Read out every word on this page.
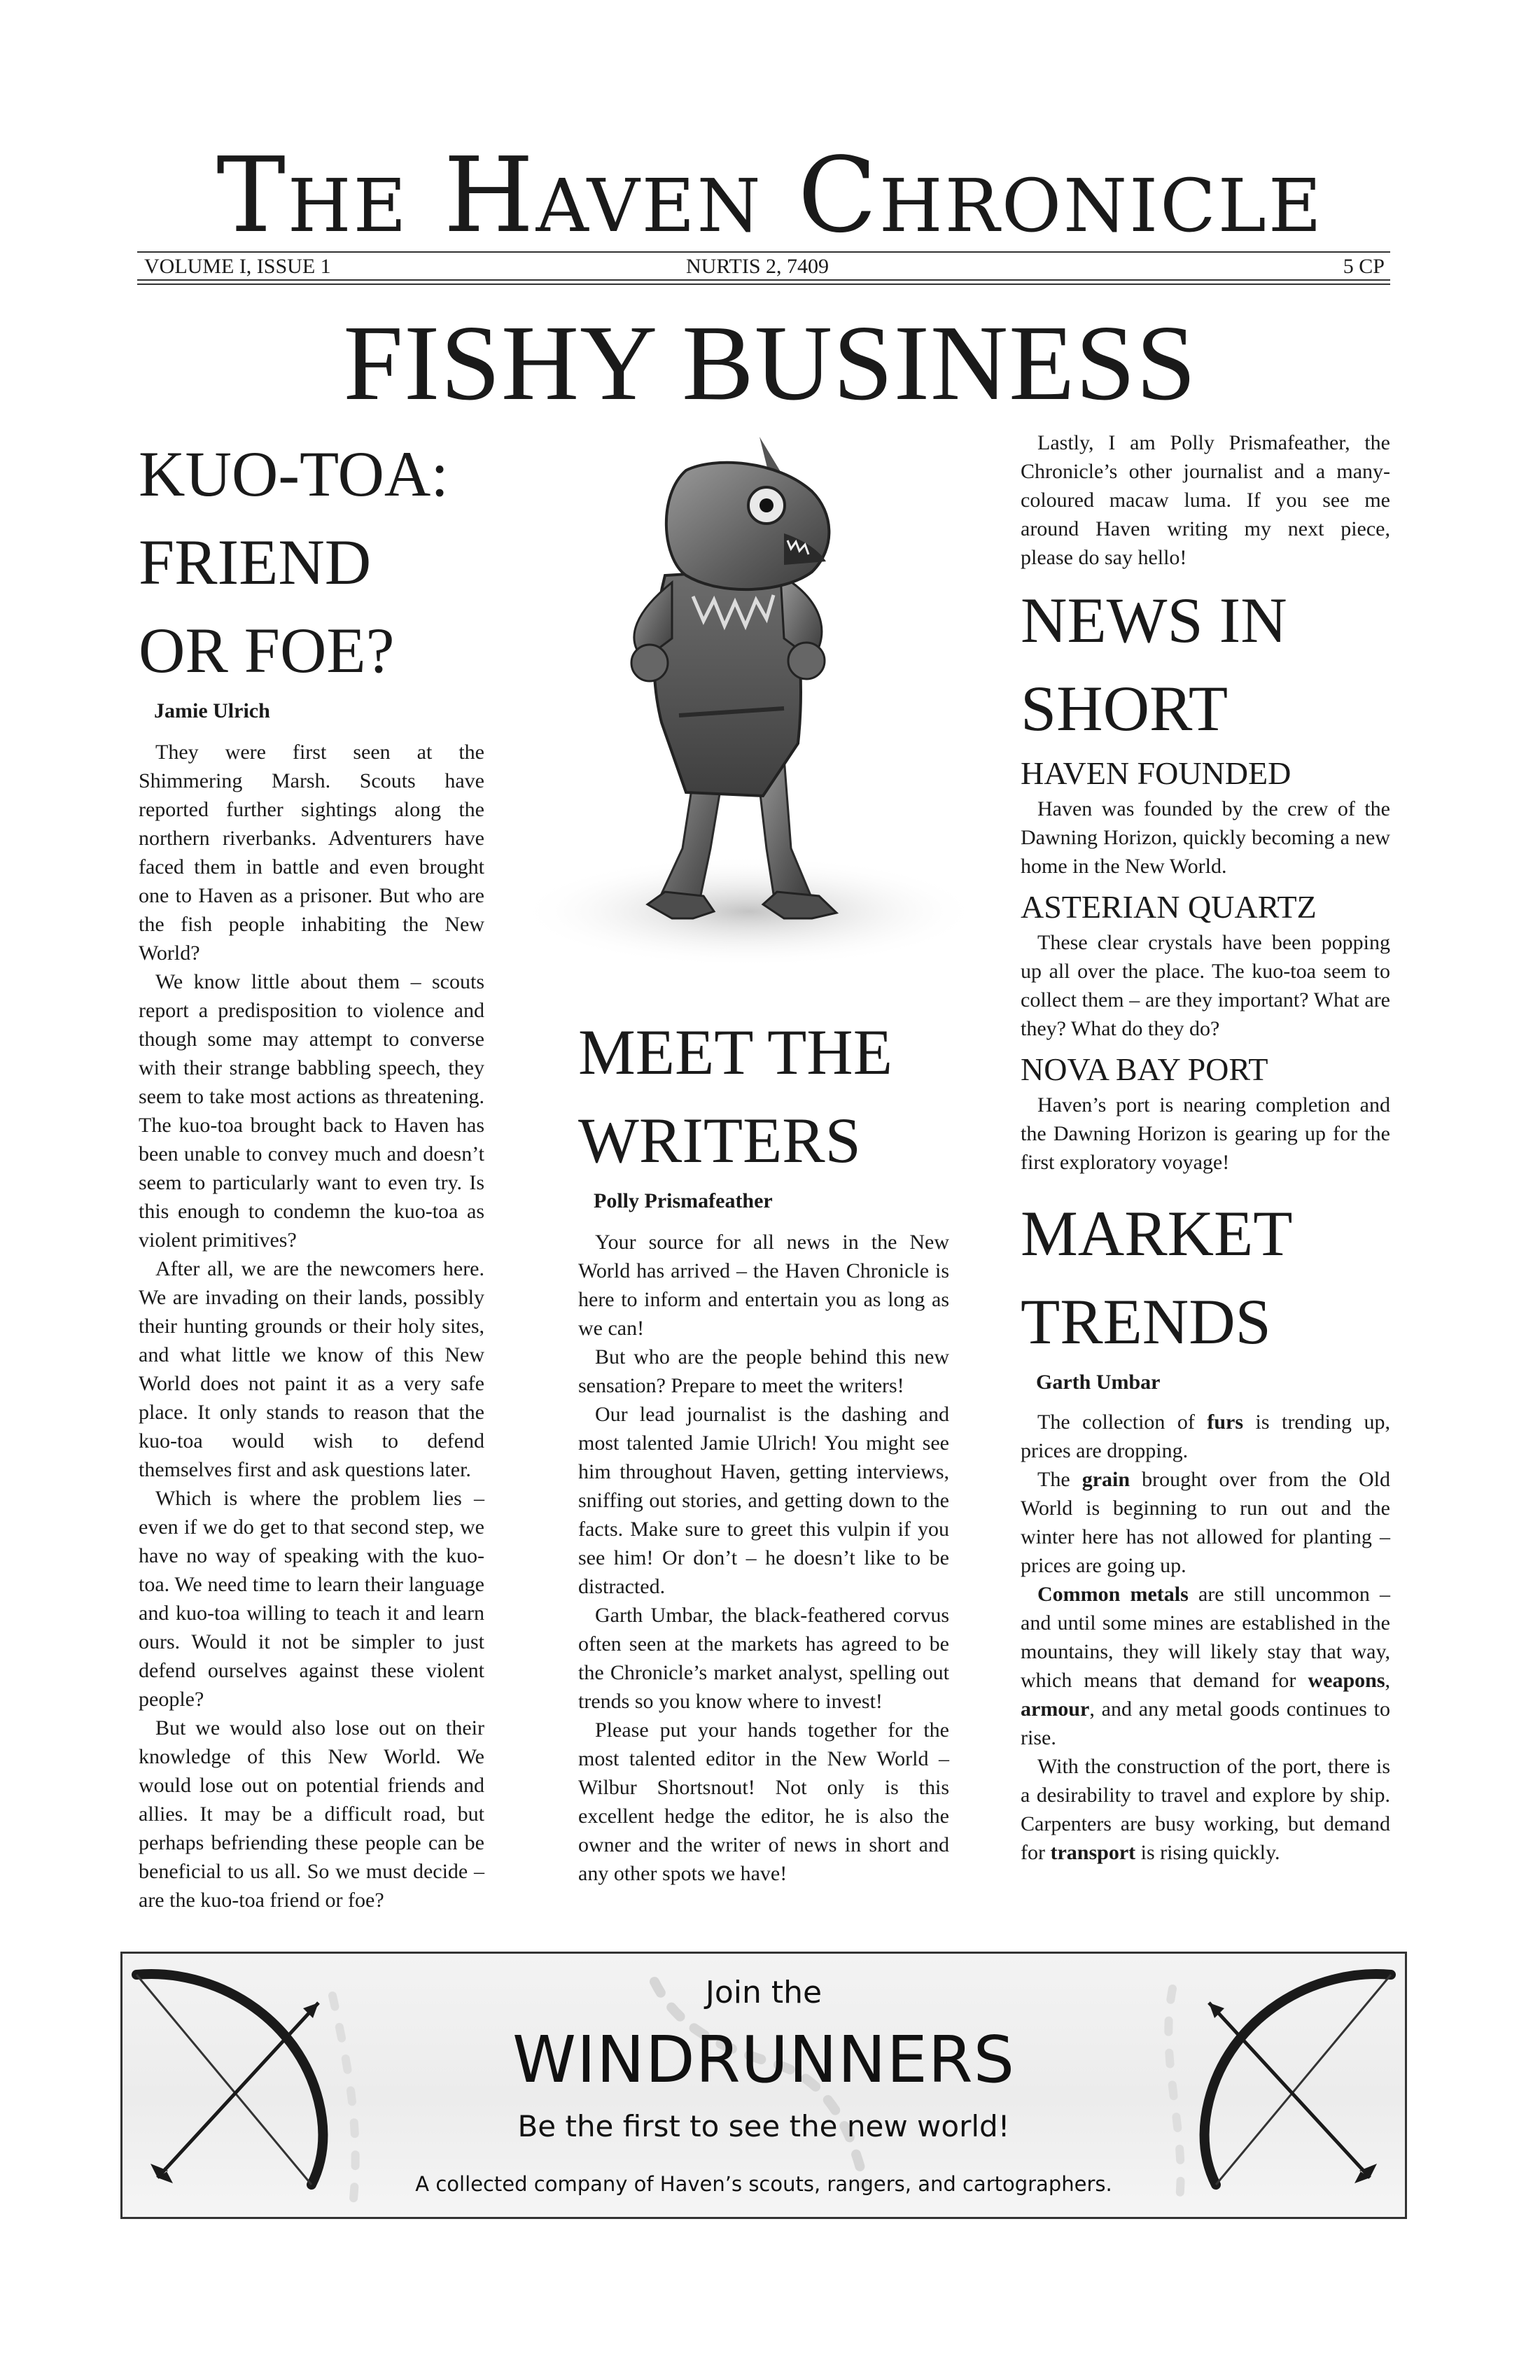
The Haven Chronicle
VOLUME I, ISSUE 1	NURTIS 2, 7409	5 CP
FISHY BUSINESS
KUO-TOA:
FRIEND
OR FOE?
Jamie Ulrich

They were first seen at the Shimmering Marsh. Scouts have reported further sightings along the northern riverbanks. Adventurers have faced them in battle and even brought one to Haven as a prisoner. But who are the fish people inhabiting the New World?

We know little about them – scouts report a predisposition to violence and though some may attempt to converse with their strange babbling speech, they seem to take most actions as threatening. The kuo-toa brought back to Haven has been unable to convey much and doesn’t seem to particularly want to even try. Is this enough to condemn the kuo-toa as violent primitives?

After all, we are the newcomers here. We are invading on their lands, possibly their hunting grounds or their holy sites, and what little we know of this New World does not paint it as a very safe place. It only stands to reason that the kuo-toa would wish to defend themselves first and ask questions later.

Which is where the problem lies – even if we do get to that second step, we have no way of speaking with the kuo-toa. We need time to learn their language and kuo-toa willing to teach it and learn ours. Would it not be simpler to just defend ourselves against these violent people?

But we would also lose out on their knowledge of this New World. We would lose out on potential friends and allies. It may be a difficult road, but perhaps befriending these people can be beneficial to us all. So we must decide – are the kuo-toa friend or foe?

MEET THE
WRITERS
Polly Prismafeather

Your source for all news in the New World has arrived – the Haven Chronicle is here to inform and entertain you as long as we can!

But who are the people behind this new sensation? Prepare to meet the writers!

Our lead journalist is the dashing and most talented Jamie Ulrich! You might see him throughout Haven, getting interviews, sniffing out stories, and getting down to the facts. Make sure to greet this vulpin if you see him! Or don’t – he doesn’t like to be distracted.

Garth Umbar, the black-feathered corvus often seen at the markets has agreed to be the Chronicle’s market analyst, spelling out trends so you know where to invest!

Please put your hands together for the most talented editor in the New World – Wilbur Shortsnout! Not only is this excellent hedge the editor, he is also the owner and the writer of news in short and any other spots we have!

Lastly, I am Polly Prismafeather, the Chronicle’s other journalist and a many-coloured macaw luma. If you see me around Haven writing my next piece, please do say hello!

NEWS IN
SHORT
HAVEN FOUNDED

Haven was founded by the crew of the Dawning Horizon, quickly becoming a new home in the New World.

ASTERIAN QUARTZ

These clear crystals have been popping up all over the place. The kuo-toa seem to collect them – are they important? What are they? What do they do?

NOVA BAY PORT

Haven’s port is nearing completion and the Dawning Horizon is gearing up for the first exploratory voyage!

MARKET
TRENDS
Garth Umbar

The collection of furs is trending up, prices are dropping.

The grain brought over from the Old World is beginning to run out and the winter here has not allowed for planting – prices are going up.

Common metals are still uncommon – and until some mines are established in the mountains, they will likely stay that way, which means that demand for weapons, armour, and any metal goods continues to rise.

With the construction of the port, there is a desirability to travel and explore by ship. Carpenters are busy working, but demand for transport is rising quickly.

Join the
WINDRUNNERS
Be the first to see the new world!
A collected company of Haven’s scouts, rangers, and cartographers.
